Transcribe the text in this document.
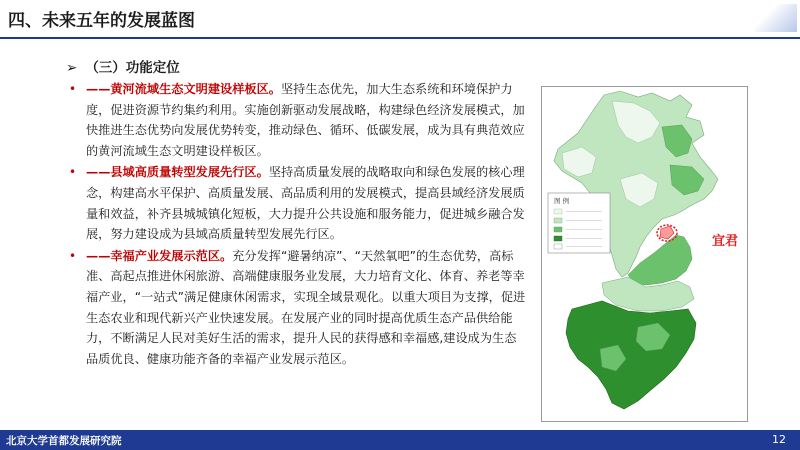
四、未来五年的发展蓝图
➢ （三）功能定位
• ——黄河流域生态文明建设样板区。坚持生态优先，加大生态系统和环境保护力度，促进资源节约集约利用。实施创新驱动发展战略，构建绿色经济发展模式，加快推进生态优势向发展优势转变，推动绿色、循环、低碳发展，成为具有典范效应的黄河流域生态文明建设样板区。
• ——县域高质量转型发展先行区。坚持高质量发展的战略取向和绿色发展的核心理念，构建高水平保护、高质量发展、高品质利用的发展模式，提高县域经济发展质量和效益，补齐县城城镇化短板，大力提升公共设施和服务能力，促进城乡融合发展，努力建设成为县域高质量转型发展先行区。
• ——幸福产业发展示范区。充分发挥“避暑纳凉”、“天然氧吧”的生态优势，高标准、高起点推进休闲旅游、高端健康服务业发展，大力培育文化、体育、养老等幸福产业，“一站式”满足健康休闲需求，实现全域景观化。以重大项目为支撑，促进生态农业和现代新兴产业快速发展。在发展产业的同时提高优质生态产品供给能力，不断满足人民对美好生活的需求，提升人民的获得感和幸福感,建设成为生态品质优良、健康功能齐备的幸福产业发展示范区。
图 例
宜君
北京大学首都发展研究院	12
